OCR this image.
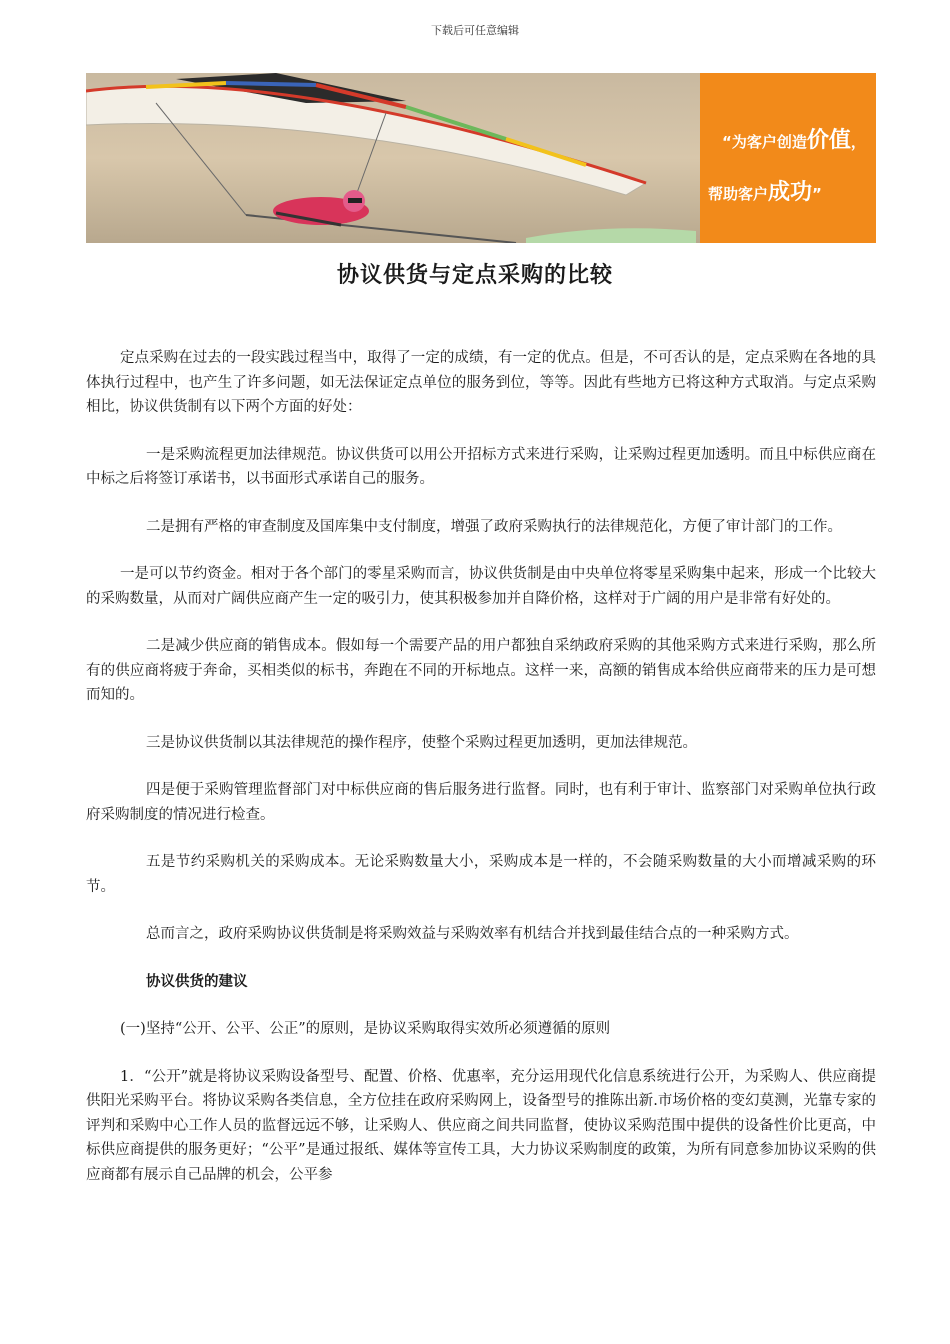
下载后可任意编辑
“为客户创造价值，
帮助客户成功”
协议供货与定点采购的比较

定点采购在过去的一段实践过程当中，取得了一定的成绩，有一定的优点。但是，不可否认的是，定点采购在各地的具体执行过程中，也产生了许多问题，如无法保证定点单位的服务到位，等等。因此有些地方已将这种方式取消。与定点采购相比，协议供货制有以下两个方面的好处：

一是采购流程更加法律规范。协议供货可以用公开招标方式来进行采购，让采购过程更加透明。而且中标供应商在中标之后将签订承诺书，以书面形式承诺自己的服务。

二是拥有严格的审查制度及国库集中支付制度，增强了政府采购执行的法律规范化，方便了审计部门的工作。

一是可以节约资金。相对于各个部门的零星采购而言，协议供货制是由中央单位将零星采购集中起来，形成一个比较大的采购数量，从而对广阔供应商产生一定的吸引力，使其积极参加并自降价格，这样对于广阔的用户是非常有好处的。

二是减少供应商的销售成本。假如每一个需要产品的用户都独自采纳政府采购的其他采购方式来进行采购，那么所有的供应商将疲于奔命，买相类似的标书，奔跑在不同的开标地点。这样一来，高额的销售成本给供应商带来的压力是可想而知的。

三是协议供货制以其法律规范的操作程序，使整个采购过程更加透明，更加法律规范。

四是便于采购管理监督部门对中标供应商的售后服务进行监督。同时，也有利于审计、监察部门对采购单位执行政府采购制度的情况进行检查。

五是节约采购机关的采购成本。无论采购数量大小，采购成本是一样的，不会随采购数量的大小而增减采购的环节。

总而言之，政府采购协议供货制是将采购效益与采购效率有机结合并找到最佳结合点的一种采购方式。

协议供货的建议

(一)坚持“公开、公平、公正”的原则，是协议采购取得实效所必须遵循的原则

1．“公开”就是将协议采购设备型号、配置、价格、优惠率，充分运用现代化信息系统进行公开，为采购人、供应商提供阳光采购平台。将协议采购各类信息，全方位挂在政府采购网上，设备型号的推陈出新.市场价格的变幻莫测，光靠专家的评判和采购中心工作人员的监督远远不够，让采购人、供应商之间共同监督，使协议采购范围中提供的设备性价比更高，中标供应商提供的服务更好；“公平”是通过报纸、媒体等宣传工具，大力协议采购制度的政策，为所有同意参加协议采购的供应商都有展示自己品牌的机会，公平参
